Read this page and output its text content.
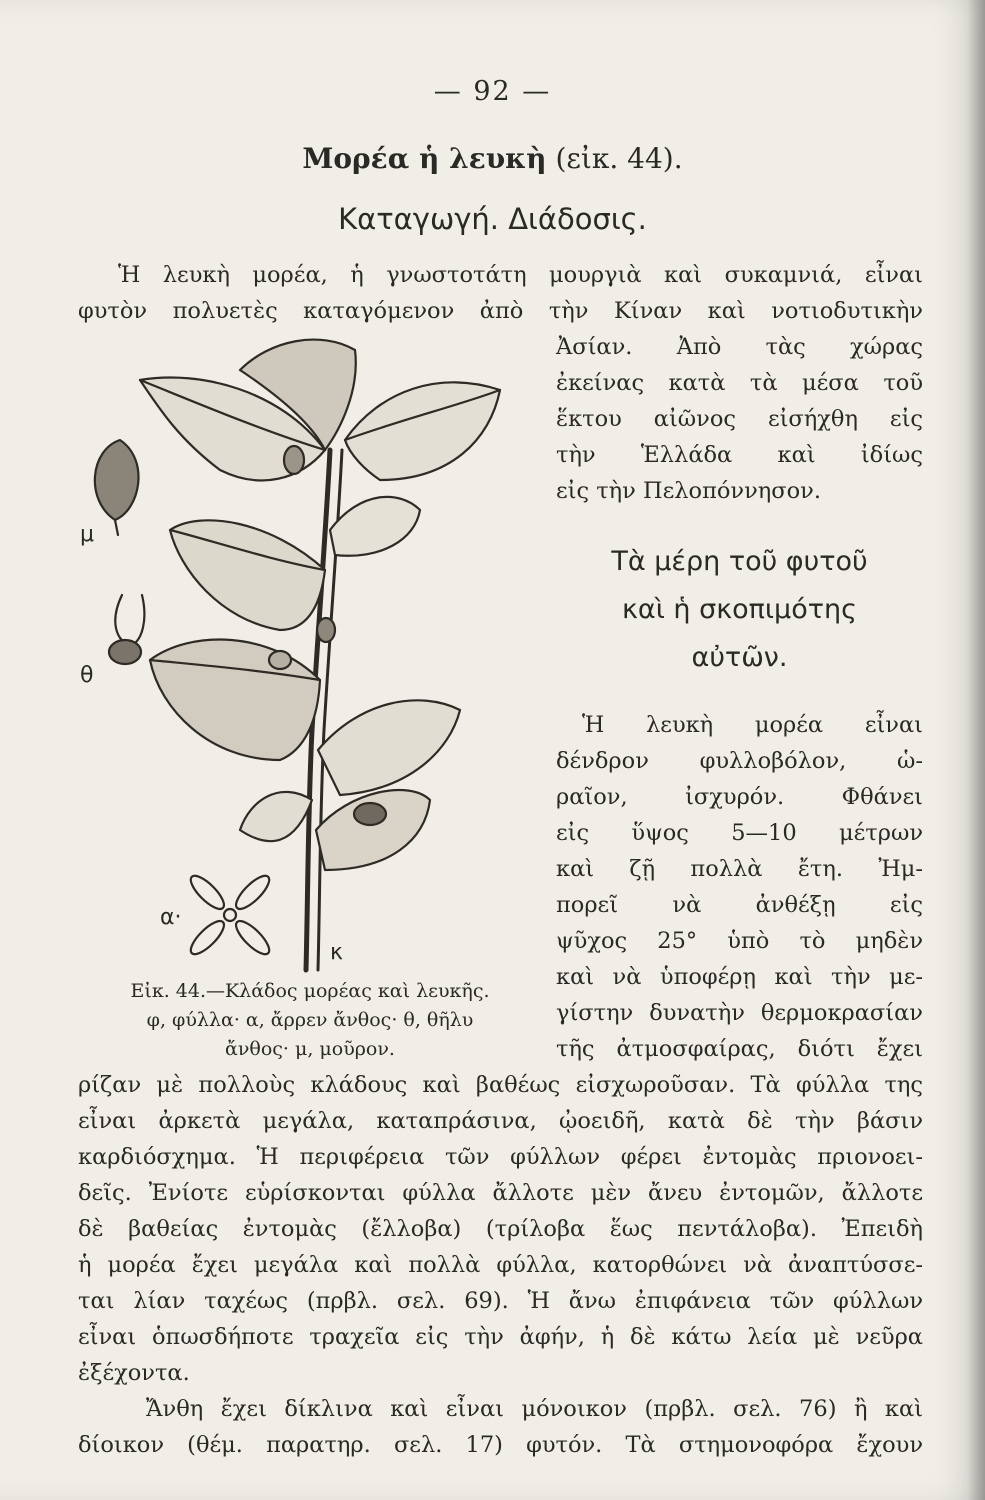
— 92 —
Μορέα ἡ λευκὴ (εἰκ. 44).
Καταγωγή. Διάδοσις.
Ἡ λευκὴ μορέα, ἡ γνωστοτάτη μουργιὰ καὶ συκαμνιά, εἶναι
φυτὸν πολυετὲς καταγόμενον ἀπὸ τὴν Κίναν καὶ νοτιοδυτικὴν
Ἀσίαν. Ἀπὸ τὰς χώρας
ἐκείνας κατὰ τὰ μέσα τοῦ
ἕκτου αἰῶνος εἰσήχθη εἰς
τὴν Ἑλλάδα καὶ ἰδίως
εἰς τὴν Πελοπόννησον.
Τὰ μέρη τοῦ φυτοῦ
καὶ ἡ σκοπιμότης
αὐτῶν.
Ἡ λευκὴ μορέα εἶναι
δένδρον φυλλοβόλον, ὡ-
ραῖον, ἰσχυρόν. Φθάνει
εἰς ὕψος 5—10 μέτρων
καὶ ζῇ πολλὰ ἔτη. Ἠμ-
πορεῖ νὰ ἀνθέξῃ εἰς
ψῦχος 25° ὑπὸ τὸ μηδὲν
καὶ νὰ ὑποφέρῃ καὶ τὴν με-
γίστην δυνατὴν θερμοκρασίαν
τῆς ἀτμοσφαίρας, διότι ἔχει
μ
θ
α·
κ
Εἰκ. 44.—Κλάδος μορέας καὶ λευκῆς.
φ, φύλλα· α, ἄρρεν ἄνθος· θ, θῆλυ
ἄνθος· μ, μοῦρον.
ρίζαν μὲ πολλοὺς κλάδους καὶ βαθέως εἰσχωροῦσαν. Τὰ φύλλα της
εἶναι ἀρκετὰ μεγάλα, καταπράσινα, ᾠοειδῆ, κατὰ δὲ τὴν βάσιν
καρδιόσχημα. Ἡ περιφέρεια τῶν φύλλων φέρει ἐντομὰς πριονοει-
δεῖς. Ἐνίοτε εὑρίσκονται φύλλα ἄλλοτε μὲν ἄνευ ἐντομῶν, ἄλλοτε
δὲ βαθείας ἐντομὰς (ἔλλοβα) (τρίλοβα ἕως πεντάλοβα). Ἐπειδὴ
ἡ μορέα ἔχει μεγάλα καὶ πολλὰ φύλλα, κατορθώνει νὰ ἀναπτύσσε-
ται λίαν ταχέως (πρβλ. σελ. 69). Ἡ ἄνω ἐπιφάνεια τῶν φύλλων
εἶναι ὁπωσδήποτε τραχεῖα εἰς τὴν ἀφήν, ἡ δὲ κάτω λεία μὲ νεῦρα
ἐξέχοντα.
Ἄνθη ἔχει δίκλινα καὶ εἶναι μόνοικον (πρβλ. σελ. 76) ἢ καὶ
δίοικον (θέμ. παρατηρ. σελ. 17) φυτόν. Τὰ στημονοφόρα ἔχουν
